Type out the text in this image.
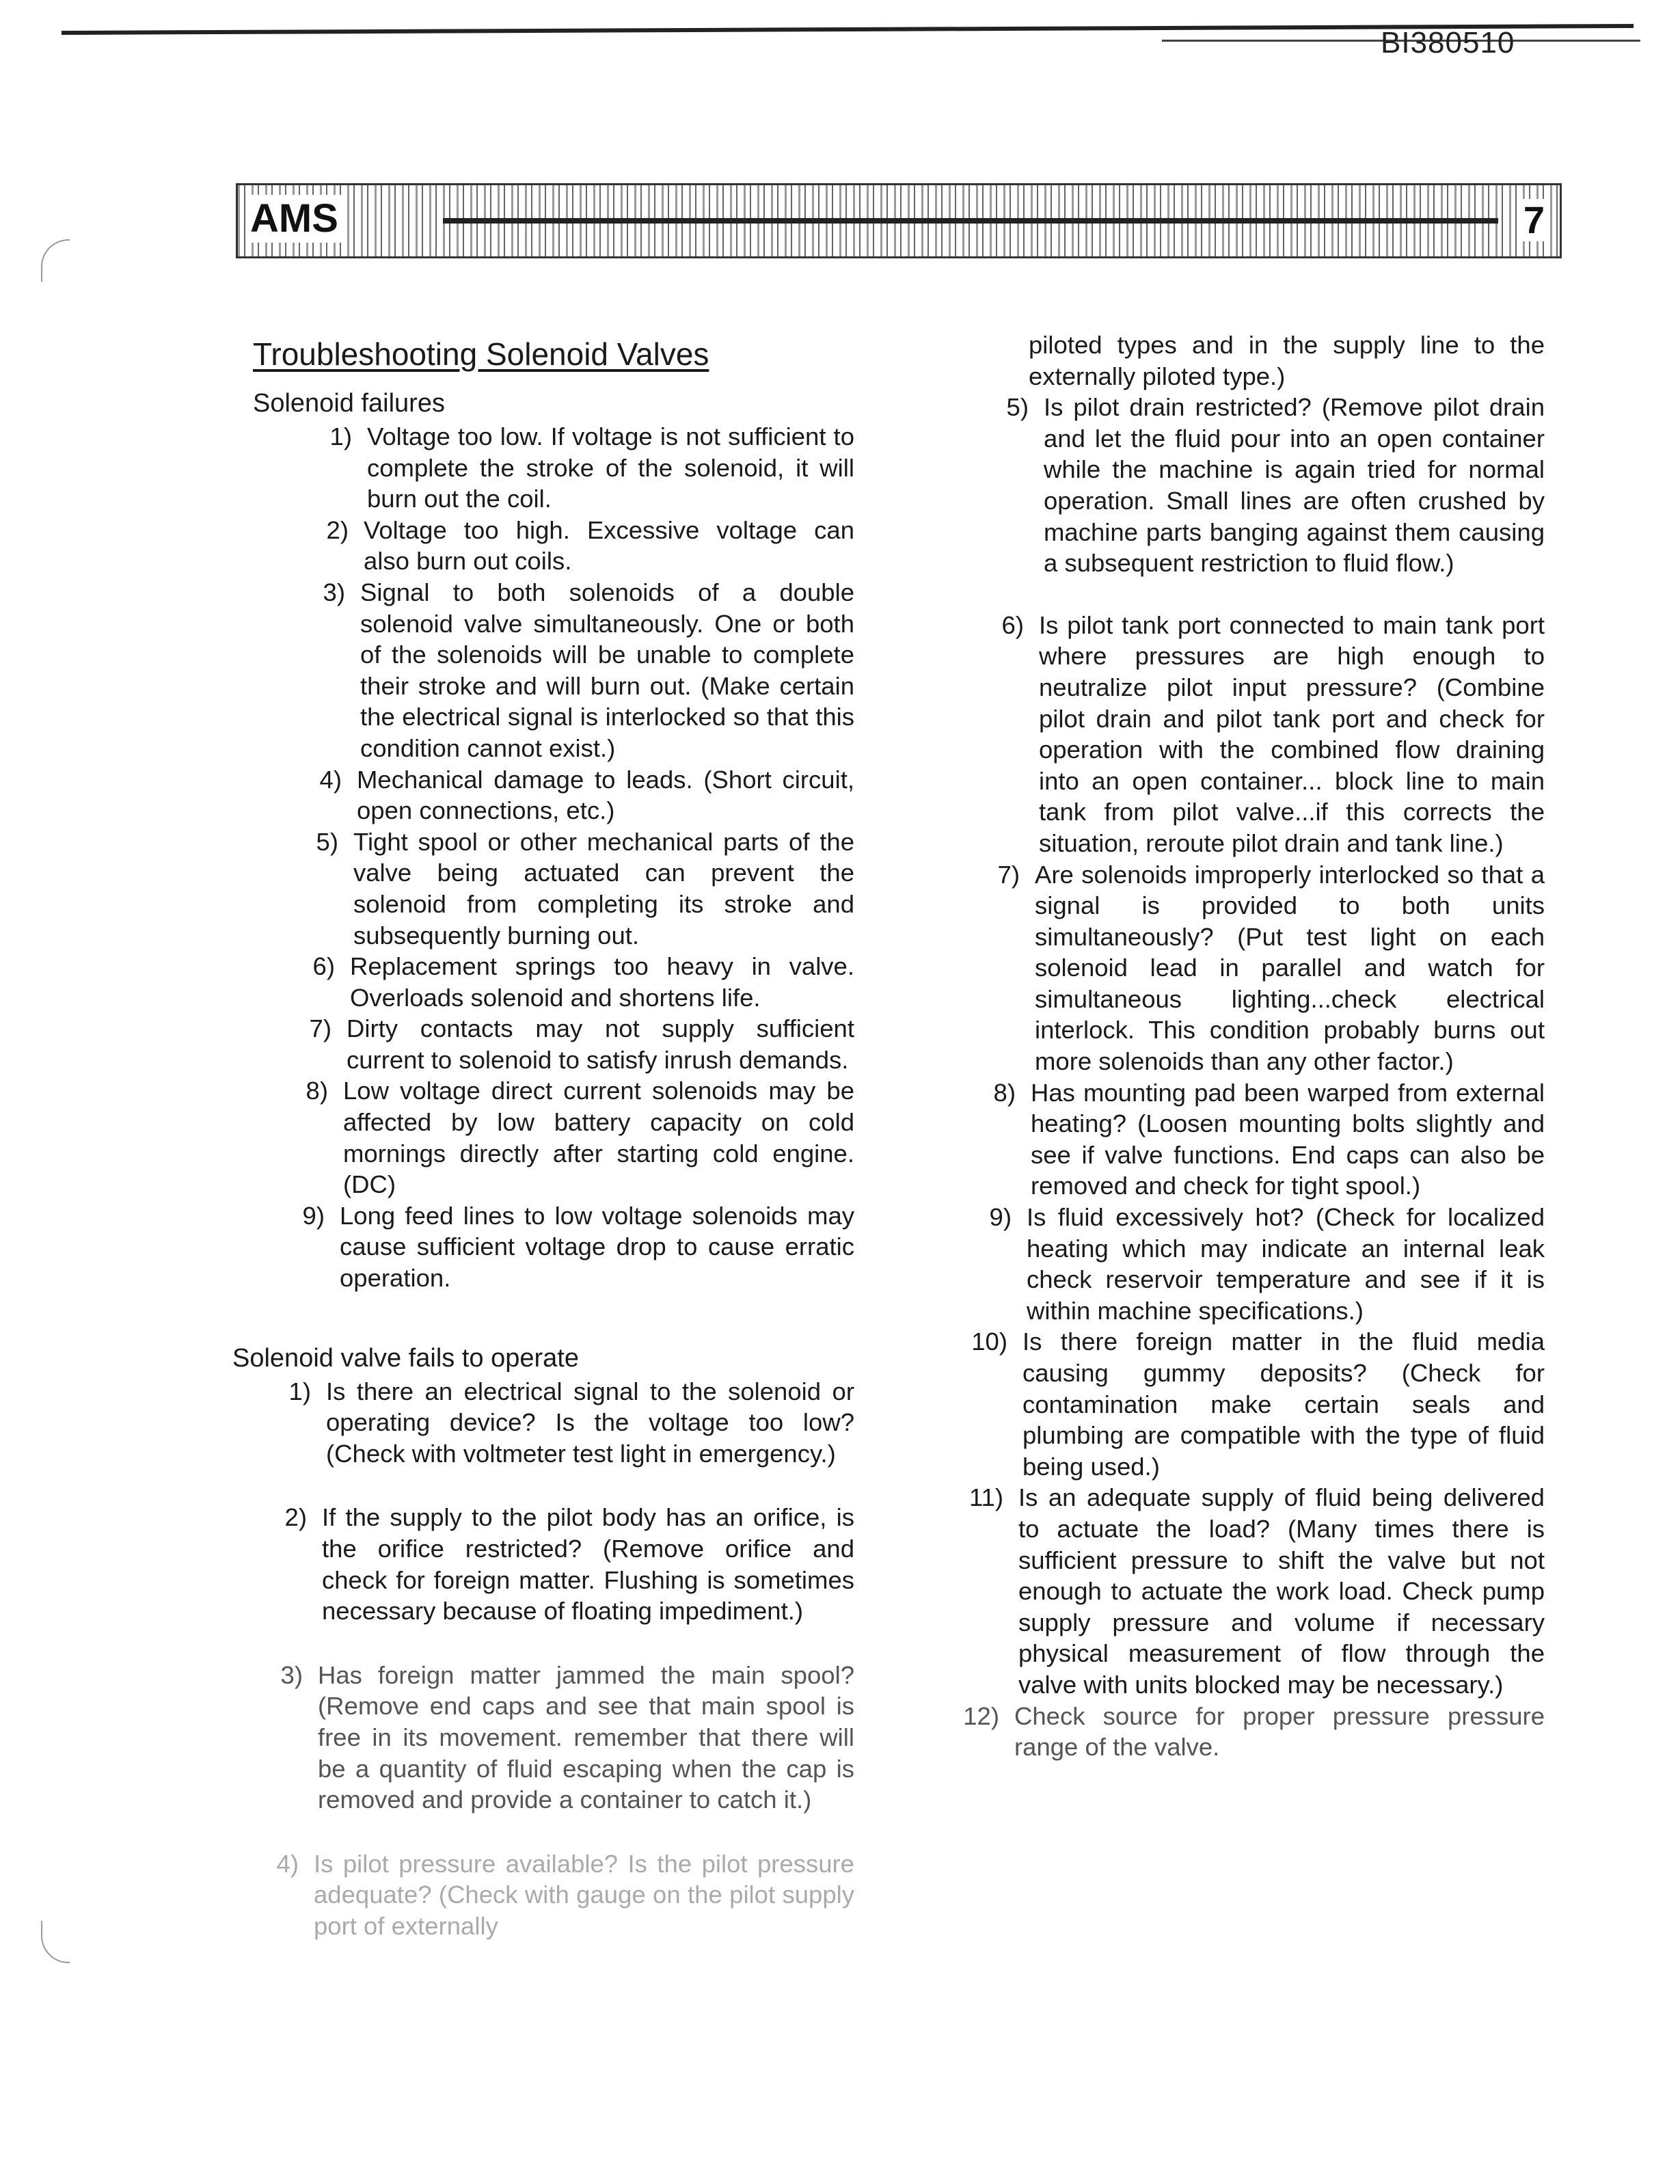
BI380510
AMS	7
Troubleshooting Solenoid Valves
Solenoid failures
1) Voltage too low. If voltage is not sufficient to complete the stroke of the solenoid, it will burn out the coil.
2) Voltage too high. Excessive voltage can also burn out coils.
3) Signal to both solenoids of a double solenoid valve simultaneously. One or both of the solenoids will be unable to complete their stroke and will burn out. (Make certain the electrical signal is interlocked so that this condition cannot exist.)
4) Mechanical damage to leads. (Short circuit, open connections, etc.)
5) Tight spool or other mechanical parts of the valve being actuated can prevent the solenoid from completing its stroke and subsequently burning out.
6) Replacement springs too heavy in valve. Overloads solenoid and shortens life.
7) Dirty contacts may not supply sufficient current to solenoid to satisfy inrush demands.
8) Low voltage direct current solenoids may be affected by low battery capacity on cold mornings directly after starting cold engine. (DC)
9) Long feed lines to low voltage solenoids may cause sufficient voltage drop to cause erratic operation.
Solenoid valve fails to operate
1) Is there an electrical signal to the solenoid or operating device? Is the voltage too low? (Check with voltmeter test light in emergency.)
2) If the supply to the pilot body has an orifice, is the orifice restricted? (Remove orifice and check for foreign matter. Flushing is sometimes necessary because of floating impediment.)
3) Has foreign matter jammed the main spool? (Remove end caps and see that main spool is free in its movement. remember that there will be a quantity of fluid escaping when the cap is removed and provide a container to catch it.)
4) Is pilot pressure available? Is the pilot pressure adequate? (Check with gauge on the pilot supply port of externally

piloted types and in the supply line to the externally piloted type.)

5) Is pilot drain restricted? (Remove pilot drain and let the fluid pour into an open container while the machine is again tried for normal operation. Small lines are often crushed by machine parts banging against them causing a subsequent restriction to fluid flow.)
6) Is pilot tank port connected to main tank port where pressures are high enough to neutralize pilot input pressure? (Combine pilot drain and pilot tank port and check for operation with the combined flow draining into an open container... block line to main tank from pilot valve...if this corrects the situation, reroute pilot drain and tank line.)
7) Are solenoids improperly interlocked so that a signal is provided to both units simultaneously? (Put test light on each solenoid lead in parallel and watch for simultaneous lighting...check electrical interlock. This condition probably burns out more solenoids than any other factor.)
8) Has mounting pad been warped from external heating? (Loosen mounting bolts slightly and see if valve functions. End caps can also be removed and check for tight spool.)
9) Is fluid excessively hot? (Check for localized heating which may indicate an internal leak check reservoir temperature and see if it is within machine specifications.)
10) Is there foreign matter in the fluid media causing gummy deposits? (Check for contamination make certain seals and plumbing are compatible with the type of fluid being used.)
11) Is an adequate supply of fluid being delivered to actuate the load? (Many times there is sufficient pressure to shift the valve but not enough to actuate the work load. Check pump supply pressure and volume if necessary physical measurement of flow through the valve with units blocked may be necessary.)
12) Check source for proper pressure pressure range of the valve.
